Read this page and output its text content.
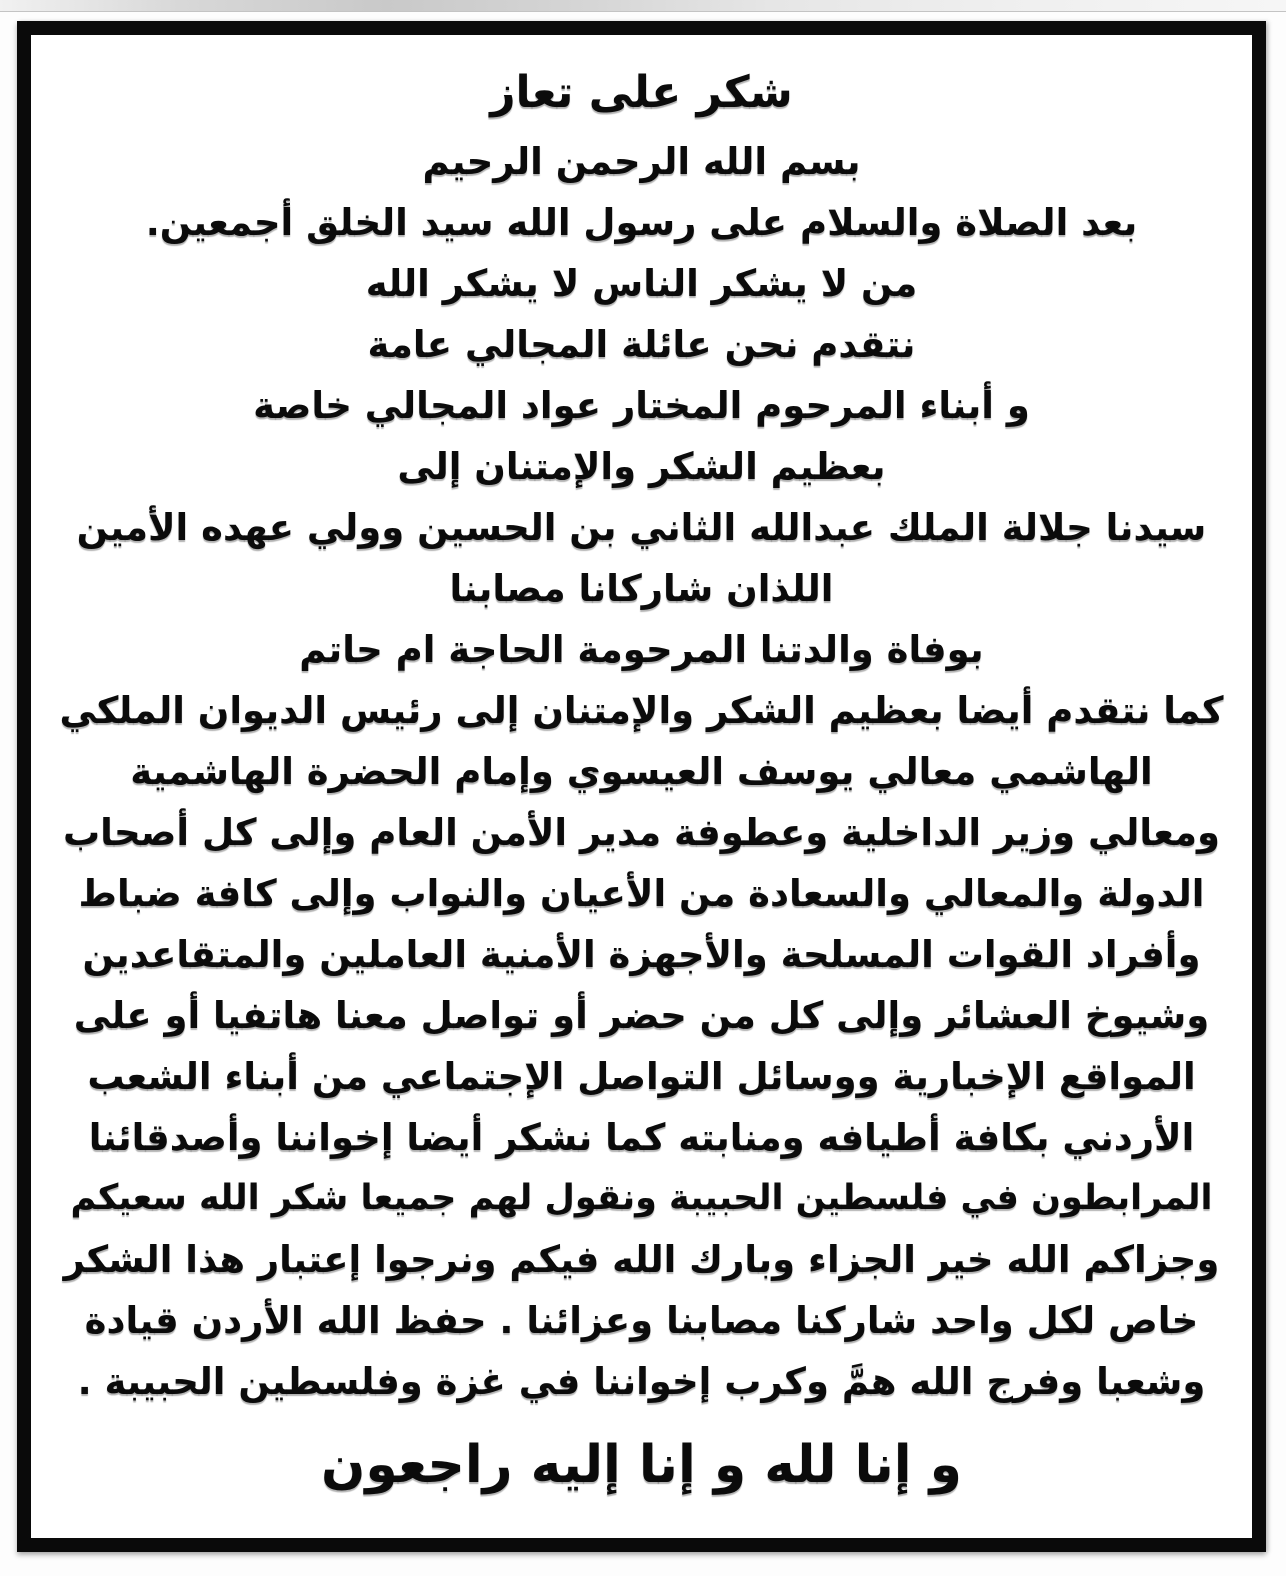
شكر على تعاز
بسم الله الرحمن الرحيم
بعد الصلاة والسلام على رسول الله سيد الخلق أجمعين.
من لا يشكر الناس لا يشكر الله
نتقدم نحن عائلة المجالي عامة
و أبناء المرحوم المختار عواد المجالي خاصة
بعظيم الشكر والإمتنان إلى
سيدنا جلالة الملك عبدالله الثاني بن الحسين وولي عهده الأمين
اللذان شاركانا مصابنا
بوفاة والدتنا المرحومة الحاجة ام حاتم
كما نتقدم أيضا بعظيم الشكر والإمتنان إلى رئيس الديوان الملكي
الهاشمي معالي يوسف العيسوي وإمام الحضرة الهاشمية
ومعالي وزير الداخلية وعطوفة مدير الأمن العام وإلى كل أصحاب
الدولة والمعالي والسعادة من الأعيان والنواب وإلى كافة ضباط
وأفراد القوات المسلحة والأجهزة الأمنية العاملين والمتقاعدين
وشيوخ العشائر وإلى كل من حضر أو تواصل معنا هاتفيا أو على
المواقع الإخبارية ووسائل التواصل الإجتماعي من أبناء الشعب
الأردني بكافة أطيافه ومنابته كما نشكر أيضا إخواننا وأصدقائنا
المرابطون في فلسطين الحبيبة ونقول لهم جميعا شكر الله سعيكم
وجزاكم الله خير الجزاء وبارك الله فيكم ونرجوا إعتبار هذا الشكر
خاص لكل واحد شاركنا مصابنا وعزائنا . حفظ الله الأردن قيادة
وشعبا وفرج الله همَّ وكرب إخواننا في غزة وفلسطين الحبيبة .
و إنا لله و إنا إليه راجعون
